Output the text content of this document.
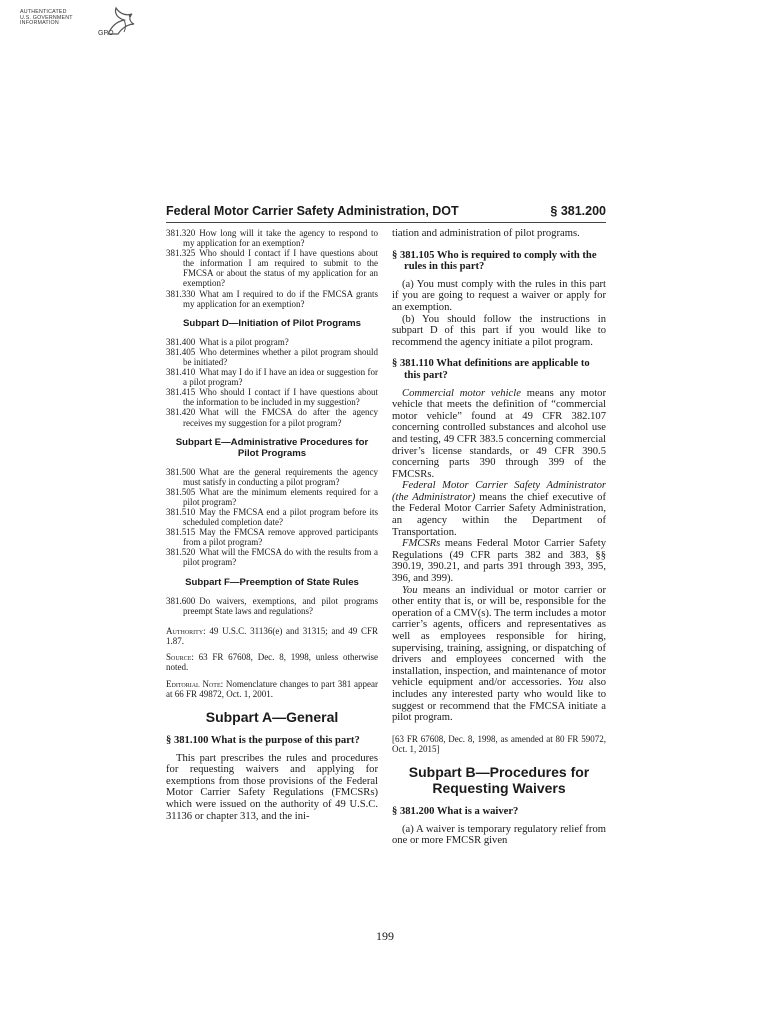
AUTHENTICATED
U.S. GOVERNMENT
INFORMATION
GPO
Federal Motor Carrier Safety Administration, DOT	§ 381.200
381.320 How long will it take the agency to respond to my application for an exemption?
381.325 Who should I contact if I have questions about the information I am required to submit to the FMCSA or about the status of my application for an exemption?
381.330 What am I required to do if the FMCSA grants my application for an exemption?
Subpart D—Initiation of Pilot Programs
381.400 What is a pilot program?
381.405 Who determines whether a pilot program should be initiated?
381.410 What may I do if I have an idea or suggestion for a pilot program?
381.415 Who should I contact if I have questions about the information to be included in my suggestion?
381.420 What will the FMCSA do after the agency receives my suggestion for a pilot program?
Subpart E—Administrative Procedures for Pilot Programs
381.500 What are the general requirements the agency must satisfy in conducting a pilot program?
381.505 What are the minimum elements required for a pilot program?
381.510 May the FMCSA end a pilot program before its scheduled completion date?
381.515 May the FMCSA remove approved participants from a pilot program?
381.520 What will the FMCSA do with the results from a pilot program?
Subpart F—Preemption of State Rules
381.600 Do waivers, exemptions, and pilot programs preempt State laws and regulations?

Authority: 49 U.S.C. 31136(e) and 31315; and 49 CFR 1.87.

Source: 63 FR 67608, Dec. 8, 1998, unless otherwise noted.

Editorial Note: Nomenclature changes to part 381 appear at 66 FR 49872, Oct. 1, 2001.

Subpart A—General
§ 381.100 What is the purpose of this part?

This part prescribes the rules and procedures for requesting waivers and applying for exemptions from those provisions of the Federal Motor Carrier Safety Regulations (FMCSRs) which were issued on the authority of 49 U.S.C. 31136 or chapter 313, and the ini-

tiation and administration of pilot programs.

§ 381.105 Who is required to comply with the rules in this part?

(a) You must comply with the rules in this part if you are going to request a waiver or apply for an exemption.

(b) You should follow the instructions in subpart D of this part if you would like to recommend the agency initiate a pilot program.

§ 381.110 What definitions are applicable to this part?

Commercial motor vehicle means any motor vehicle that meets the definition of “commercial motor vehicle” found at 49 CFR 382.107 concerning controlled substances and alcohol use and testing, 49 CFR 383.5 concerning commercial driver’s license standards, or 49 CFR 390.5 concerning parts 390 through 399 of the FMCSRs.

Federal Motor Carrier Safety Administrator (the Administrator) means the chief executive of the Federal Motor Carrier Safety Administration, an agency within the Department of Transportation.

FMCSRs means Federal Motor Carrier Safety Regulations (49 CFR parts 382 and 383, §§ 390.19, 390.21, and parts 391 through 393, 395, 396, and 399).

You means an individual or motor carrier or other entity that is, or will be, responsible for the operation of a CMV(s). The term includes a motor carrier’s agents, officers and representatives as well as employees responsible for hiring, supervising, training, assigning, or dispatching of drivers and employees concerned with the installation, inspection, and maintenance of motor vehicle equipment and/or accessories. You also includes any interested party who would like to suggest or recommend that the FMCSA initiate a pilot program.

[63 FR 67608, Dec. 8, 1998, as amended at 80 FR 59072, Oct. 1, 2015]

Subpart B—Procedures for Requesting Waivers
§ 381.200 What is a waiver?

(a) A waiver is temporary regulatory relief from one or more FMCSR given

199
